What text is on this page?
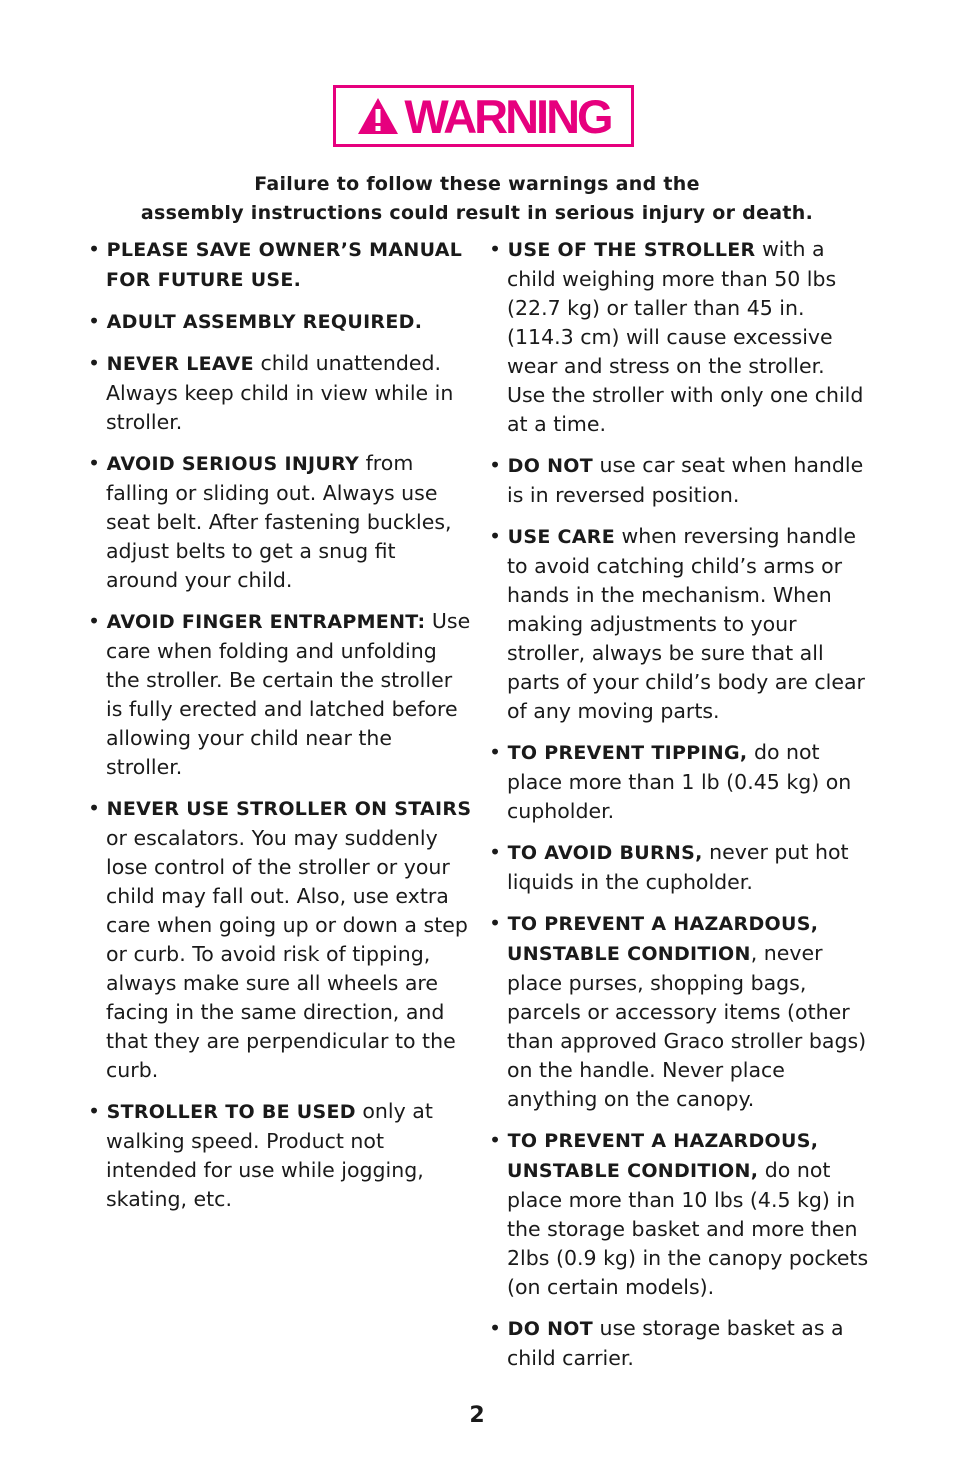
WARNING
Failure to follow these warnings and the
assembly instructions could result in serious injury or death.
• PLEASE SAVE OWNER’S MANUAL FOR FUTURE USE.
• ADULT ASSEMBLY REQUIRED.
• NEVER LEAVE child unattended. Always keep child in view while in stroller.
• AVOID SERIOUS INJURY from falling or sliding out. Always use seat belt. After fastening buckles, adjust belts to get a snug fit around your child.
• AVOID FINGER ENTRAPMENT: Use care when folding and unfolding the stroller. Be certain the stroller is fully erected and latched before allowing your child near the stroller.
• NEVER USE STROLLER ON STAIRS or escalators. You may suddenly lose control of the stroller or your child may fall out. Also, use extra care when going up or down a step or curb. To avoid risk of tipping, always make sure all wheels are facing in the same direction, and that they are perpendicular to the curb.
• STROLLER TO BE USED only at walking speed. Product not intended for use while jogging, skating, etc.
• USE OF THE STROLLER with a child weighing more than 50 lbs (22.7 kg) or taller than 45 in. (114.3 cm) will cause excessive wear and stress on the stroller. Use the stroller with only one child at a time.
• DO NOT use car seat when handle is in reversed position.
• USE CARE when reversing handle to avoid catching child’s arms or hands in the mechanism. When making adjustments to your stroller, always be sure that all parts of your child’s body are clear of any moving parts.
• TO PREVENT TIPPING, do not place more than 1 lb (0.45 kg) on cupholder.
• TO AVOID BURNS, never put hot liquids in the cupholder.
• TO PREVENT A HAZARDOUS, UNSTABLE CONDITION, never place purses, shopping bags, parcels or accessory items (other than approved Graco stroller bags) on the handle. Never place anything on the canopy.
• TO PREVENT A HAZARDOUS, UNSTABLE CONDITION, do not place more than 10 lbs (4.5 kg) in the storage basket and more then 2lbs (0.9 kg) in the canopy pockets (on certain models).
• DO NOT use storage basket as a child carrier.
2
